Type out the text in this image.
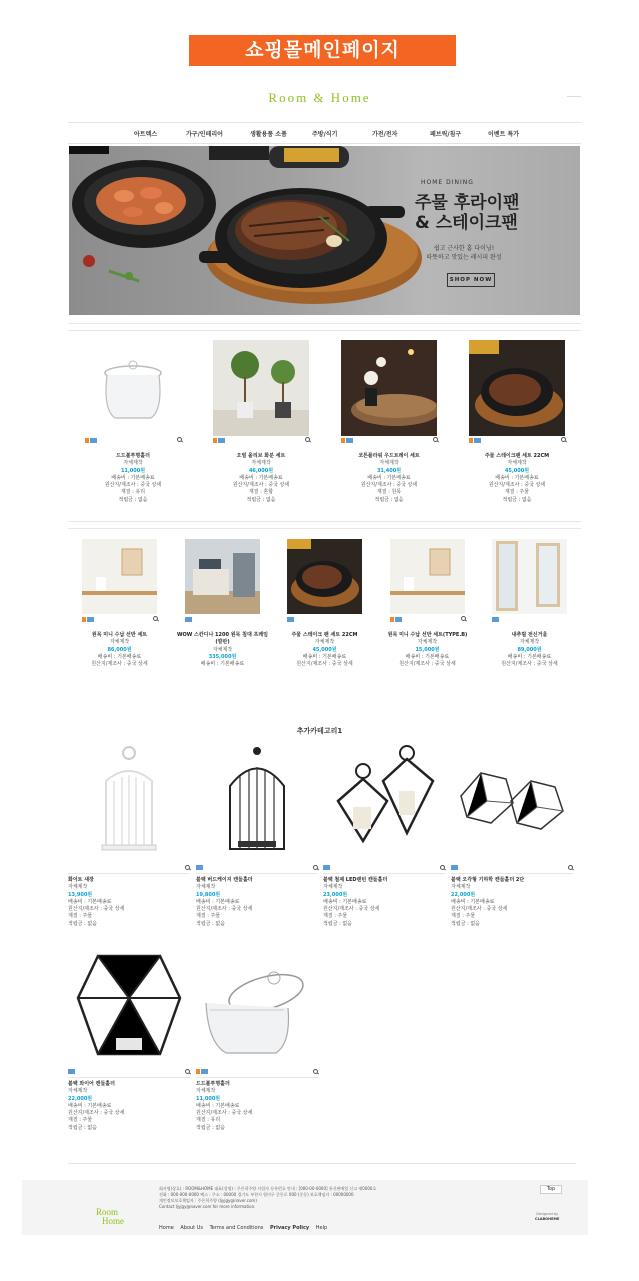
쇼핑몰메인페이지
Room & Home
아트텍스	가구/인테리어	생활용품 소품	주방/식기	가전/전자	패브릭/침구	이벤트 특가
HOME DINING
주물 후라이팬
& 스테이크팬
쉽고 근사한 홈 다이닝!
따뜻하고 맛있는 레시피 완성
SHOP NOW
드드볼투명홀더
자체제작
11,000원
배송비 : 기본배송료
원산지/제조사 : 중국 상세
재질 : 유리
적립금 : 없음
오벌 올리브 화분 세트
자체제작
46,000원
배송비 : 기본배송료
원산지/제조사 : 중국 상세
재질 : 혼합
적립금 : 없음
코튼플라워 우드트레이 세트
자체제작
31,400원
배송비 : 기본배송료
원산지/제조사 : 중국 상세
재질 : 원목
적립금 : 없음
주물 스테이크팬 세트 22CM
자체제작
45,000원
배송비 : 기본배송료
원산지/제조사 : 중국 상세
재질 : 주물
적립금 : 없음
원목 미니 수납 선반 세트
자체제작
86,000원
배송비 : 기본배송료
원산지/제조사 : 중국 상세
WOW 스칸디나 1200 원목 침대 프레임(깔판)
자체제작
335,000원
배송비 : 기본배송료
주물 스테이크 팬 세트 22CM
자체제작
45,000원
배송비 : 기본배송료
원산지/제조사 : 중국 상세
원목 미니 수납 선반 세트(TYPE.B)
자체제작
15,000원
배송비 : 기본배송료
원산지/제조사 : 중국 상세
내추럴 전신거울
자체제작
89,000원
배송비 : 기본배송료
원산지/제조사 : 중국 상세
추가카테고리1
화이트 새장
자체제작
13,900원
배송비 : 기본배송료
원산지/제조사 : 중국 상세
재질 : 주물
적립금 : 없음
블랙 버드케이지 캔들홀더
자체제작
19,800원
배송비 : 기본배송료
원산지/제조사 : 중국 상세
재질 : 주물
적립금 : 없음
블랙 철제 LED랜턴 캔들홀더
자체제작
23,000원
배송비 : 기본배송료
원산지/제조사 : 중국 상세
재질 : 주물
적립금 : 없음
블랙 오각형 기하학 캔들홀더 2단
자체제작
22,000원
배송비 : 기본배송료
원산지/제조사 : 중국 상세
재질 : 주물
적립금 : 없음
블랙 와이어 캔들홀더
자체제작
22,000원
배송비 : 기본배송료
원산지/제조사 : 중국 상세
재질 : 주물
적립금 : 없음
드드볼투명홀더
자체제작
11,000원
배송비 : 기본배송료
원산지/제조사 : 중국 상세
재질 : 유리
적립금 : 없음
Room
Home
회사명(상호) : ROOM&HOME 대표(성명) : 주은희주양 사업자 등록번호 안내 : [000-00-0000] 통신판매업 신고 제0000호
전화 : 000-000-0000 팩스 : 주소 : 00000 경기도 부천시 원미구 중동로 000 (중동) 보호책임자 : 00000000
개인정보보호책임자 : 주은희주양 (ljyjgy@naver.com)
Contact ljyjgy@naver.com for more information.
Home About Us Terms and Conditions Privacy Policy Help
Top
Designed by
CLABOHEME
